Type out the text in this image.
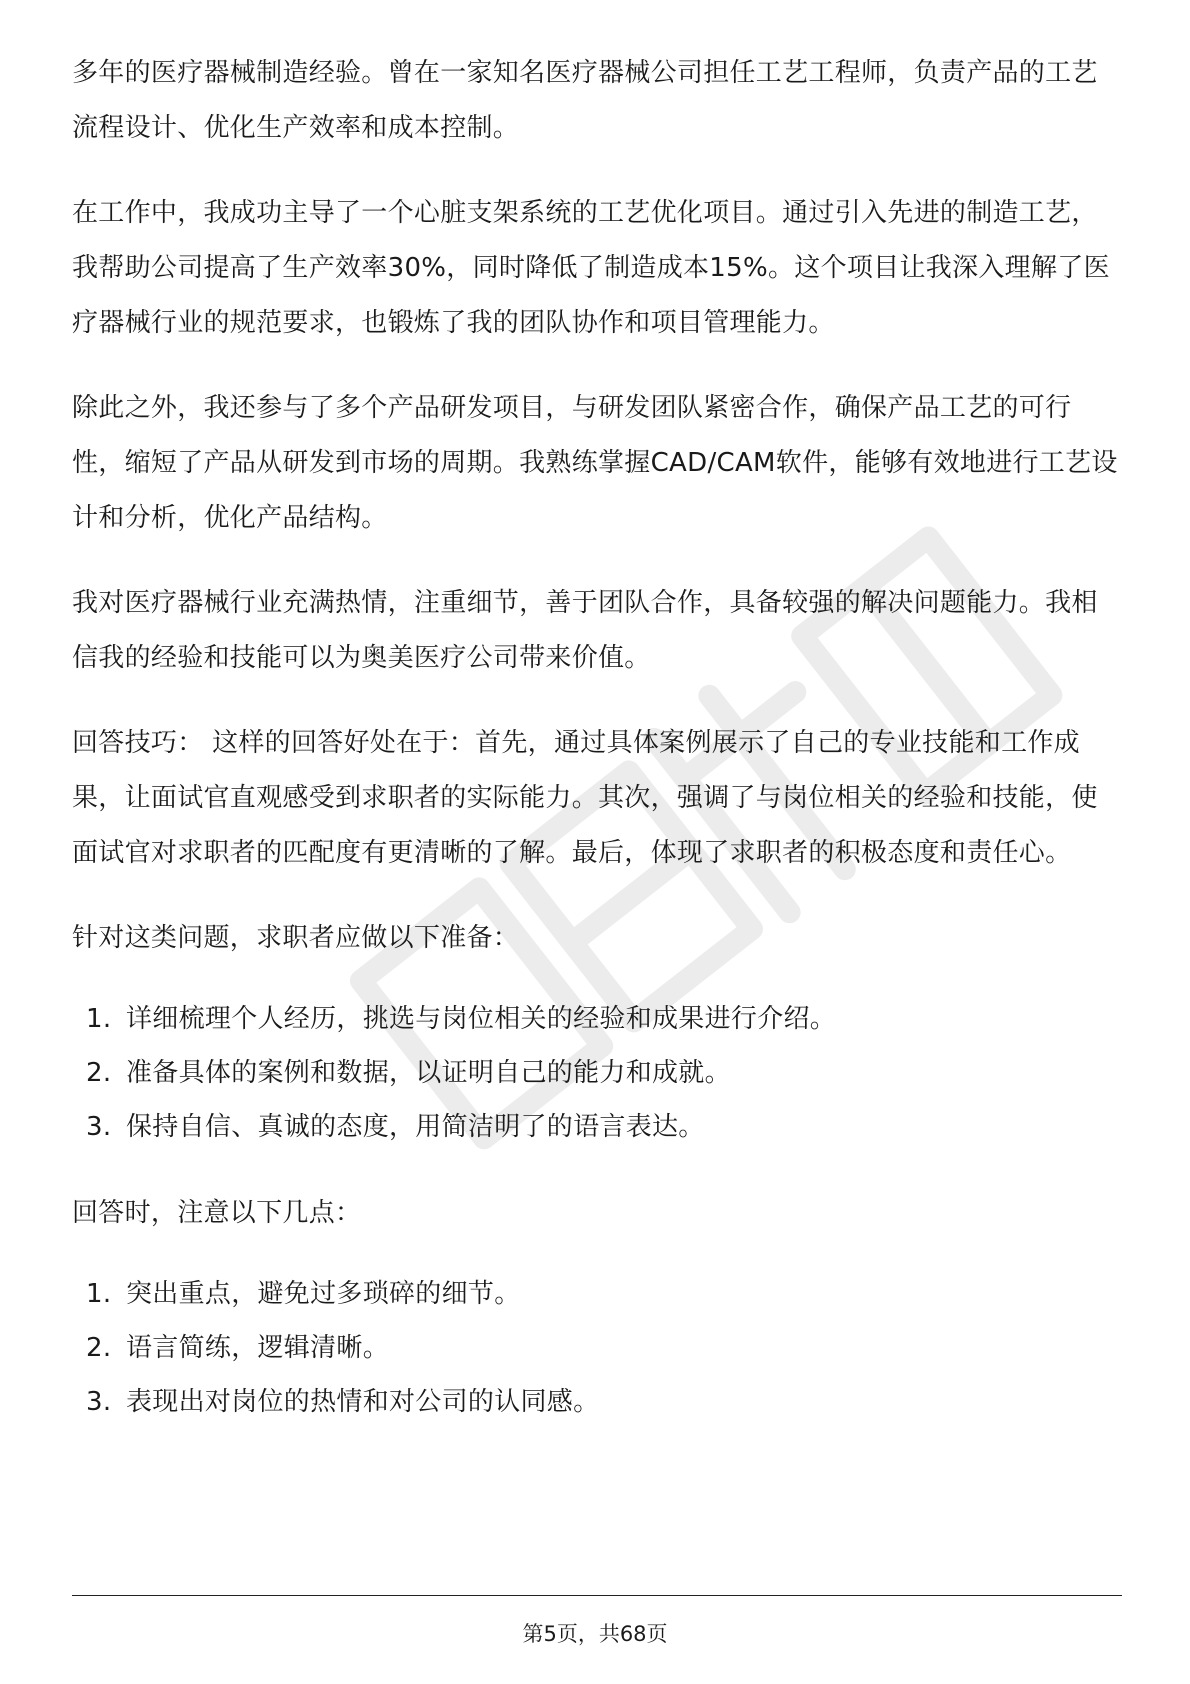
多年的医疗器械制造经验。曾在一家知名医疗器械公司担任工艺工程师，负责产品的工艺流程设计、优化生产效率和成本控制。

在工作中，我成功主导了一个心脏支架系统的工艺优化项目。通过引入先进的制造工艺，我帮助公司提高了生产效率30%，同时降低了制造成本15%。这个项目让我深入理解了医疗器械行业的规范要求，也锻炼了我的团队协作和项目管理能力。

除此之外，我还参与了多个产品研发项目，与研发团队紧密合作，确保产品工艺的可行性，缩短了产品从研发到市场的周期。我熟练掌握CAD/CAM软件，能够有效地进行工艺设计和分析，优化产品结构。

我对医疗器械行业充满热情，注重细节，善于团队合作，具备较强的解决问题能力。我相信我的经验和技能可以为奥美医疗公司带来价值。

回答技巧： 这样的回答好处在于：首先，通过具体案例展示了自己的专业技能和工作成果，让面试官直观感受到求职者的实际能力。其次，强调了与岗位相关的经验和技能，使面试官对求职者的匹配度有更清晰的了解。最后，体现了求职者的积极态度和责任心。

针对这类问题，求职者应做以下准备：

1. 详细梳理个人经历，挑选与岗位相关的经验和成果进行介绍。
2. 准备具体的案例和数据，以证明自己的能力和成就。
3. 保持自信、真诚的态度，用简洁明了的语言表达。

回答时，注意以下几点：

1. 突出重点，避免过多琐碎的细节。
2. 语言简练，逻辑清晰。
3. 表现出对岗位的热情和对公司的认同感。
第5页，共68页
